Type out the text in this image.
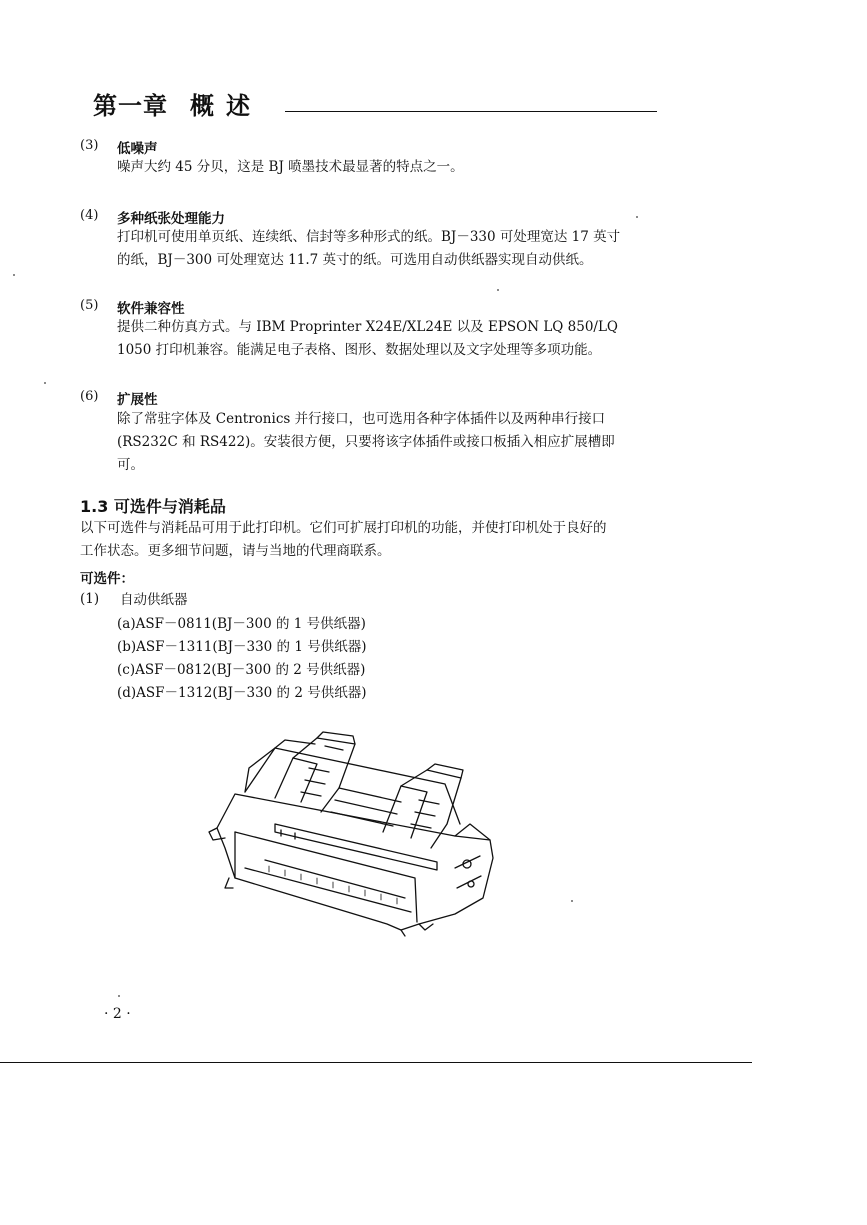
第一章 概述
(3) 低噪声
噪声大约 45 分贝，这是 BJ 喷墨技术最显著的特点之一。
(4) 多种纸张处理能力
打印机可使用单页纸、连续纸、信封等多种形式的纸。BJ－330 可处理宽达 17 英寸
的纸，BJ－300 可处理宽达 11.7 英寸的纸。可选用自动供纸器实现自动供纸。
(5) 软件兼容性
提供二种仿真方式。与 IBM Proprinter X24E/XL24E 以及 EPSON LQ 850/LQ
1050 打印机兼容。能满足电子表格、图形、数据处理以及文字处理等多项功能。
(6) 扩展性
除了常驻字体及 Centronics 并行接口，也可选用各种字体插件以及两种串行接口
(RS232C 和 RS422)。安装很方便，只要将该字体插件或接口板插入相应扩展槽即
可。
1.3 可选件与消耗品
以下可选件与消耗品可用于此打印机。它们可扩展打印机的功能，并使打印机处于良好的
工作状态。更多细节问题，请与当地的代理商联系。
可选件：
(1) 自动供纸器
(a)ASF－0811(BJ－300 的 1 号供纸器)
(b)ASF－1311(BJ－330 的 1 号供纸器)
(c)ASF－0812(BJ－300 的 2 号供纸器)
(d)ASF－1312(BJ－330 的 2 号供纸器)
· 2 ·
